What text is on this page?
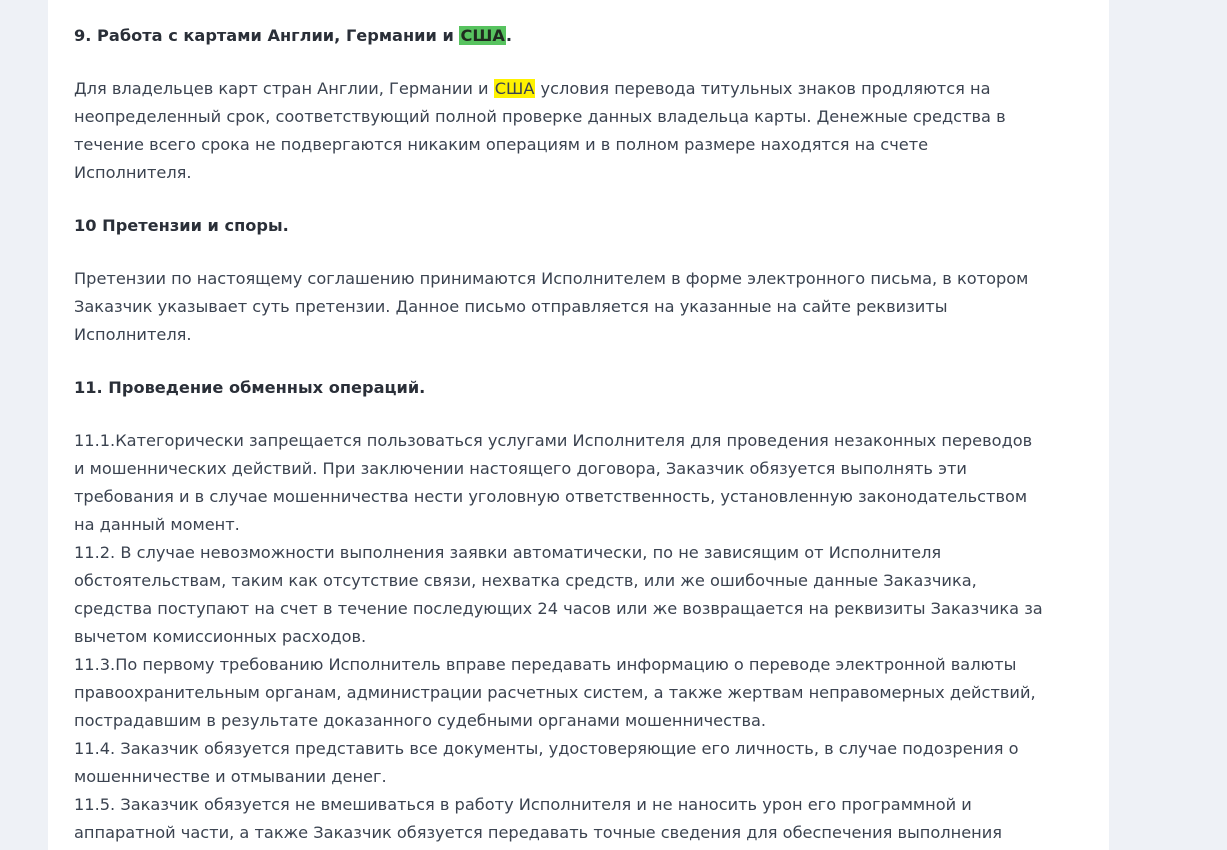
9. Работа с картами Англии, Германии и США.

Для владельцев карт стран Англии, Германии и США условия перевода титульных знаков продляются на
неопределенный срок, соответствующий полной проверке данных владельца карты. Денежные средства в
течение всего срока не подвергаются никаким операциям и в полном размере находятся на счете
Исполнителя.

10 Претензии и споры.

Претензии по настоящему соглашению принимаются Исполнителем в форме электронного письма, в котором
Заказчик указывает суть претензии. Данное письмо отправляется на указанные на сайте реквизиты
Исполнителя.

11. Проведение обменных операций.

11.1.Категорически запрещается пользоваться услугами Исполнителя для проведения незаконных переводов
и мошеннических действий. При заключении настоящего договора, Заказчик обязуется выполнять эти
требования и в случае мошенничества нести уголовную ответственность, установленную законодательством
на данный момент.
11.2. В случае невозможности выполнения заявки автоматически, по не зависящим от Исполнителя
обстоятельствам, таким как отсутствие связи, нехватка средств, или же ошибочные данные Заказчика,
средства поступают на счет в течение последующих 24 часов или же возвращается на реквизиты Заказчика за
вычетом комиссионных расходов.
11.3.По первому требованию Исполнитель вправе передавать информацию о переводе электронной валюты
правоохранительным органам, администрации расчетных систем, а также жертвам неправомерных действий,
пострадавшим в результате доказанного судебными органами мошенничества.
11.4. Заказчик обязуется представить все документы, удостоверяющие его личность, в случае подозрения о
мошенничестве и отмывании денег.
11.5. Заказчик обязуется не вмешиваться в работу Исполнителя и не наносить урон его программной и
аппаратной части, а также Заказчик обязуется передавать точные сведения для обеспечения выполнения
